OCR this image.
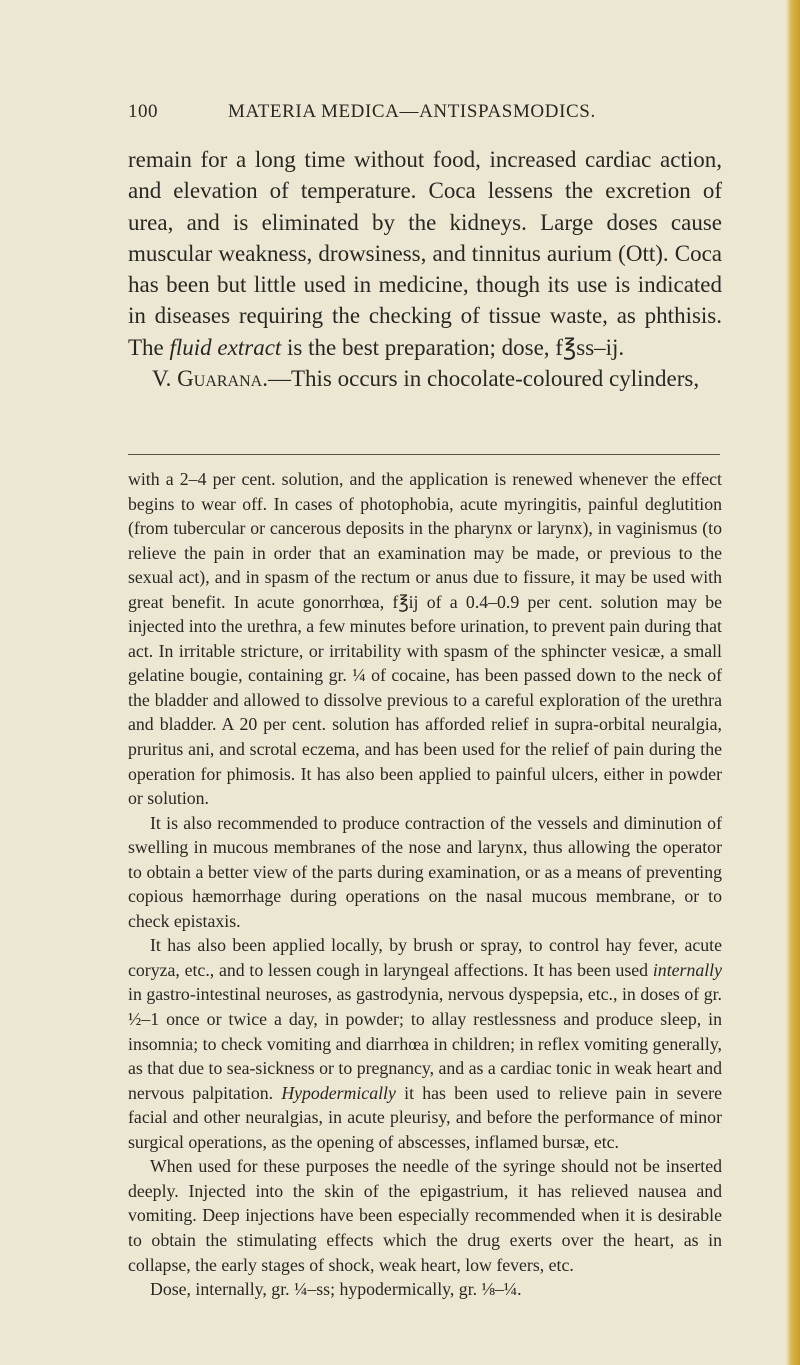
100	MATERIA MEDICA—ANTISPASMODICS.

remain for a long time without food, increased cardiac action, and elevation of temperature. Coca lessens the excretion of urea, and is eliminated by the kidneys. Large doses cause muscular weakness, drowsiness, and tinnitus aurium (Ott). Coca has been but little used in medicine, though its use is indicated in diseases requiring the checking of tissue waste, as phthisis. The fluid extract is the best preparation; dose, f℥ss–ij.

V. Guarana.—This occurs in chocolate-coloured cylinders,

with a 2–4 per cent. solution, and the application is renewed whenever the effect begins to wear off. In cases of photophobia, acute myringitis, painful deglutition (from tubercular or cancerous deposits in the pharynx or larynx), in vaginismus (to relieve the pain in order that an examination may be made, or previous to the sexual act), and in spasm of the rectum or anus due to fissure, it may be used with great benefit. In acute gonorrhœa, f℥ij of a 0.4–0.9 per cent. solution may be injected into the urethra, a few minutes before urination, to prevent pain during that act. In irritable stricture, or irritability with spasm of the sphincter vesicæ, a small gelatine bougie, containing gr. ¼ of cocaine, has been passed down to the neck of the bladder and allowed to dissolve previous to a careful exploration of the urethra and bladder. A 20 per cent. solution has afforded relief in supra-orbital neuralgia, pruritus ani, and scrotal eczema, and has been used for the relief of pain during the operation for phimosis. It has also been applied to painful ulcers, either in powder or solution.

It is also recommended to produce contraction of the vessels and diminution of swelling in mucous membranes of the nose and larynx, thus allowing the operator to obtain a better view of the parts during examination, or as a means of preventing copious hæmorrhage during operations on the nasal mucous membrane, or to check epistaxis.

It has also been applied locally, by brush or spray, to control hay fever, acute coryza, etc., and to lessen cough in laryngeal affections. It has been used internally in gastro-intestinal neuroses, as gastrodynia, nervous dyspepsia, etc., in doses of gr. ½–1 once or twice a day, in powder; to allay restlessness and produce sleep, in insomnia; to check vomiting and diarrhœa in children; in reflex vomiting generally, as that due to sea-sickness or to pregnancy, and as a cardiac tonic in weak heart and nervous palpitation. Hypodermically it has been used to relieve pain in severe facial and other neuralgias, in acute pleurisy, and before the performance of minor surgical operations, as the opening of abscesses, inflamed bursæ, etc.

When used for these purposes the needle of the syringe should not be inserted deeply. Injected into the skin of the epigastrium, it has relieved nausea and vomiting. Deep injections have been especially recommended when it is desirable to obtain the stimulating effects which the drug exerts over the heart, as in collapse, the early stages of shock, weak heart, low fevers, etc.

Dose, internally, gr. ¼–ss; hypodermically, gr. ⅛–¼.
